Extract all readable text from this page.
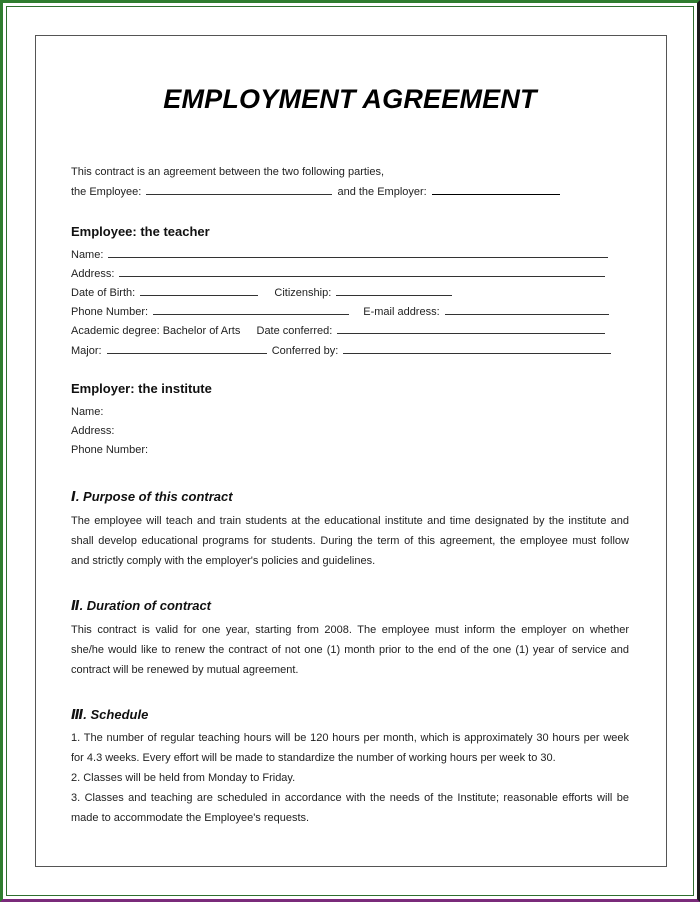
EMPLOYMENT AGREEMENT
This contract is an agreement between the two following parties,
the Employee:	and the Employer:
Employee: the teacher
Name:
Address:
Date of Birth:	Citizenship:
Phone Number:	E-mail address:
Academic degree: Bachelor of Arts Date conferred:
Major:	Conferred by:
Employer: the institute
Name:
Address:
Phone Number:
Ⅰ. Purpose of this contract
The employee will teach and train students at the educational institute and time designated by the institute and
shall develop educational programs for students. During the term of this agreement, the employee must follow
and strictly comply with the employer's policies and guidelines.
Ⅱ. Duration of contract
This contract is valid for one year, starting from 2008. The employee must inform the employer on whether
she/he would like to renew the contract of not one (1) month prior to the end of the one (1) year of service and
contract will be renewed by mutual agreement.
Ⅲ. Schedule
1. The number of regular teaching hours will be 120 hours per month, which is approximately 30 hours per week
for 4.3 weeks. Every effort will be made to standardize the number of working hours per week to 30.
2. Classes will be held from Monday to Friday.
3. Classes and teaching are scheduled in accordance with the needs of the Institute; reasonable efforts will be
made to accommodate the Employee's requests.
